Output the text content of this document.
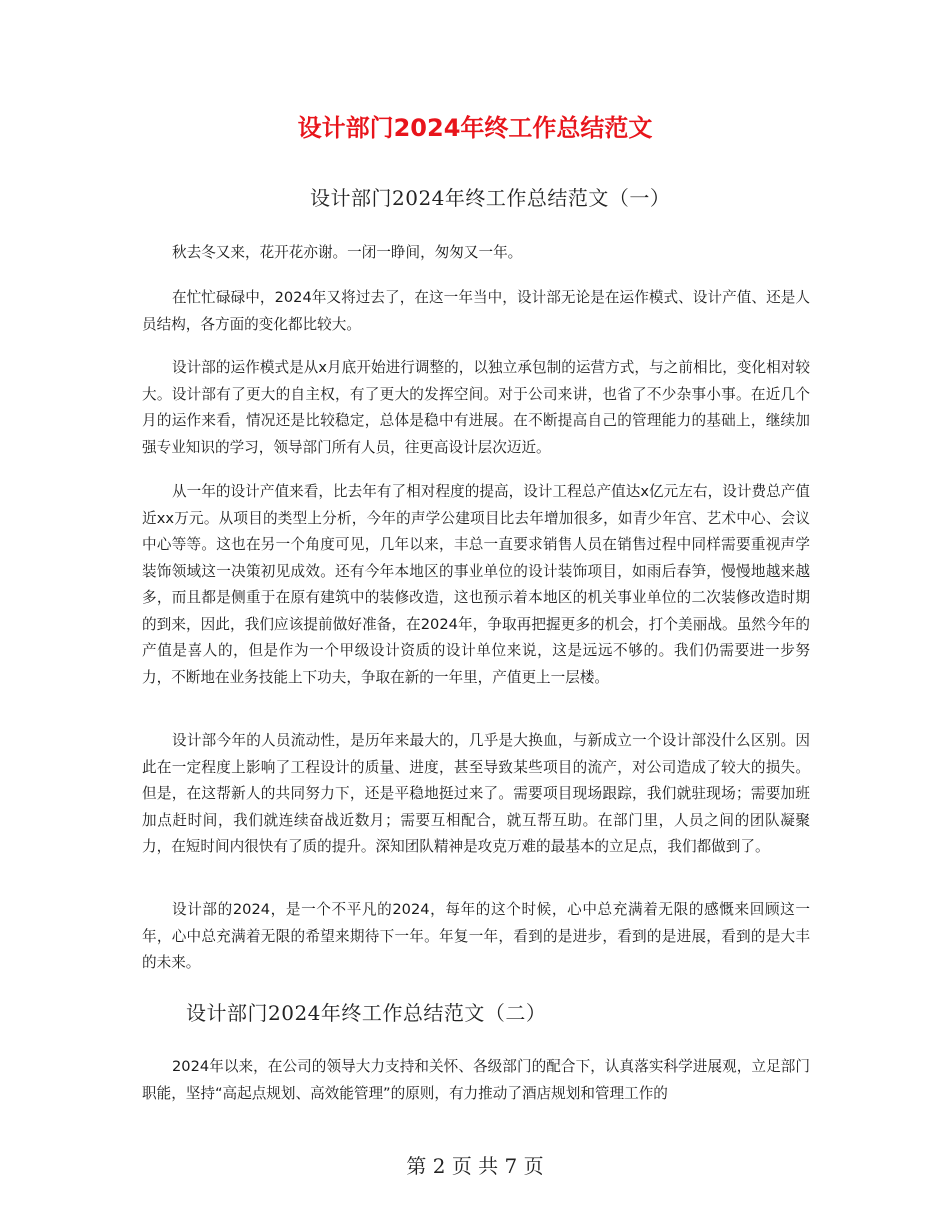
设计部门2024年终工作总结范文
设计部门2024年终工作总结范文（一）

秋去冬又来，花开花亦谢。一闭一睁间，匆匆又一年。

在忙忙碌碌中，2024年又将过去了，在这一年当中，设计部无论是在运作模式、设计产值、还是人员结构，各方面的变化都比较大。

设计部的运作模式是从x月底开始进行调整的，以独立承包制的运营方式，与之前相比，变化相对较大。设计部有了更大的自主权，有了更大的发挥空间。对于公司来讲，也省了不少杂事小事。在近几个月的运作来看，情况还是比较稳定，总体是稳中有进展。在不断提高自己的管理能力的基础上，继续加强专业知识的学习，领导部门所有人员，往更高设计层次迈近。

从一年的设计产值来看，比去年有了相对程度的提高，设计工程总产值达x亿元左右，设计费总产值近xx万元。从项目的类型上分析，今年的声学公建项目比去年增加很多，如青少年宫、艺术中心、会议中心等等。这也在另一个角度可见，几年以来，丰总一直要求销售人员在销售过程中同样需要重视声学装饰领域这一决策初见成效。还有今年本地区的事业单位的设计装饰项目，如雨后春笋，慢慢地越来越多，而且都是侧重于在原有建筑中的装修改造，这也预示着本地区的机关事业单位的二次装修改造时期的到来，因此，我们应该提前做好准备，在2024年，争取再把握更多的机会，打个美丽战。虽然今年的产值是喜人的，但是作为一个甲级设计资质的设计单位来说，这是远远不够的。我们仍需要进一步努力，不断地在业务技能上下功夫，争取在新的一年里，产值更上一层楼。

设计部今年的人员流动性，是历年来最大的，几乎是大换血，与新成立一个设计部没什么区别。因此在一定程度上影响了工程设计的质量、进度，甚至导致某些项目的流产，对公司造成了较大的损失。但是，在这帮新人的共同努力下，还是平稳地挺过来了。需要项目现场跟踪，我们就驻现场；需要加班加点赶时间，我们就连续奋战近数月；需要互相配合，就互帮互助。在部门里，人员之间的团队凝聚力，在短时间内很快有了质的提升。深知团队精神是攻克万难的最基本的立足点，我们都做到了。

设计部的2024，是一个不平凡的2024，每年的这个时候，心中总充满着无限的感慨来回顾这一年，心中总充满着无限的希望来期待下一年。年复一年，看到的是进步，看到的是进展，看到的是大丰的未来。

设计部门2024年终工作总结范文（二）

2024年以来，在公司的领导大力支持和关怀、各级部门的配合下，认真落实科学进展观，立足部门职能，坚持“高起点规划、高效能管理”的原则，有力推动了酒店规划和管理工作的

第 2 页 共 7 页
